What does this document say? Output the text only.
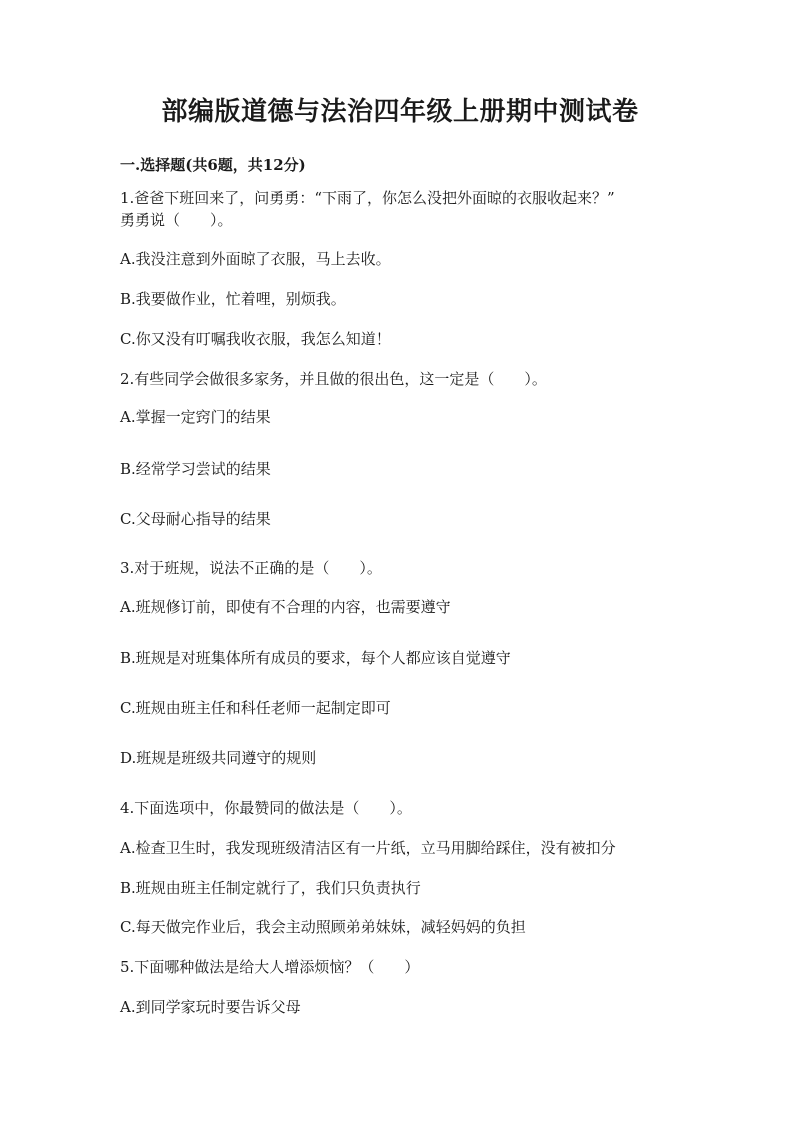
部编版道德与法治四年级上册期中测试卷
一.选择题(共6题，共12分)
1.爸爸下班回来了，问勇勇：“下雨了，你怎么没把外面晾的衣服收起来？”
勇勇说（　　）。
A.我没注意到外面晾了衣服，马上去收。
B.我要做作业，忙着哩，别烦我。
C.你又没有叮嘱我收衣服，我怎么知道！
2.有些同学会做很多家务，并且做的很出色，这一定是（　　）。
A.掌握一定窍门的结果
B.经常学习尝试的结果
C.父母耐心指导的结果
3.对于班规，说法不正确的是（　　）。
A.班规修订前，即使有不合理的内容，也需要遵守
B.班规是对班集体所有成员的要求，每个人都应该自觉遵守
C.班规由班主任和科任老师一起制定即可
D.班规是班级共同遵守的规则
4.下面选项中，你最赞同的做法是（　　）。
A.检查卫生时，我发现班级清洁区有一片纸，立马用脚给踩住，没有被扣分
B.班规由班主任制定就行了，我们只负责执行
C.每天做完作业后，我会主动照顾弟弟妹妹，减轻妈妈的负担
5.下面哪种做法是给大人增添烦恼？（　　）
A.到同学家玩时要告诉父母
